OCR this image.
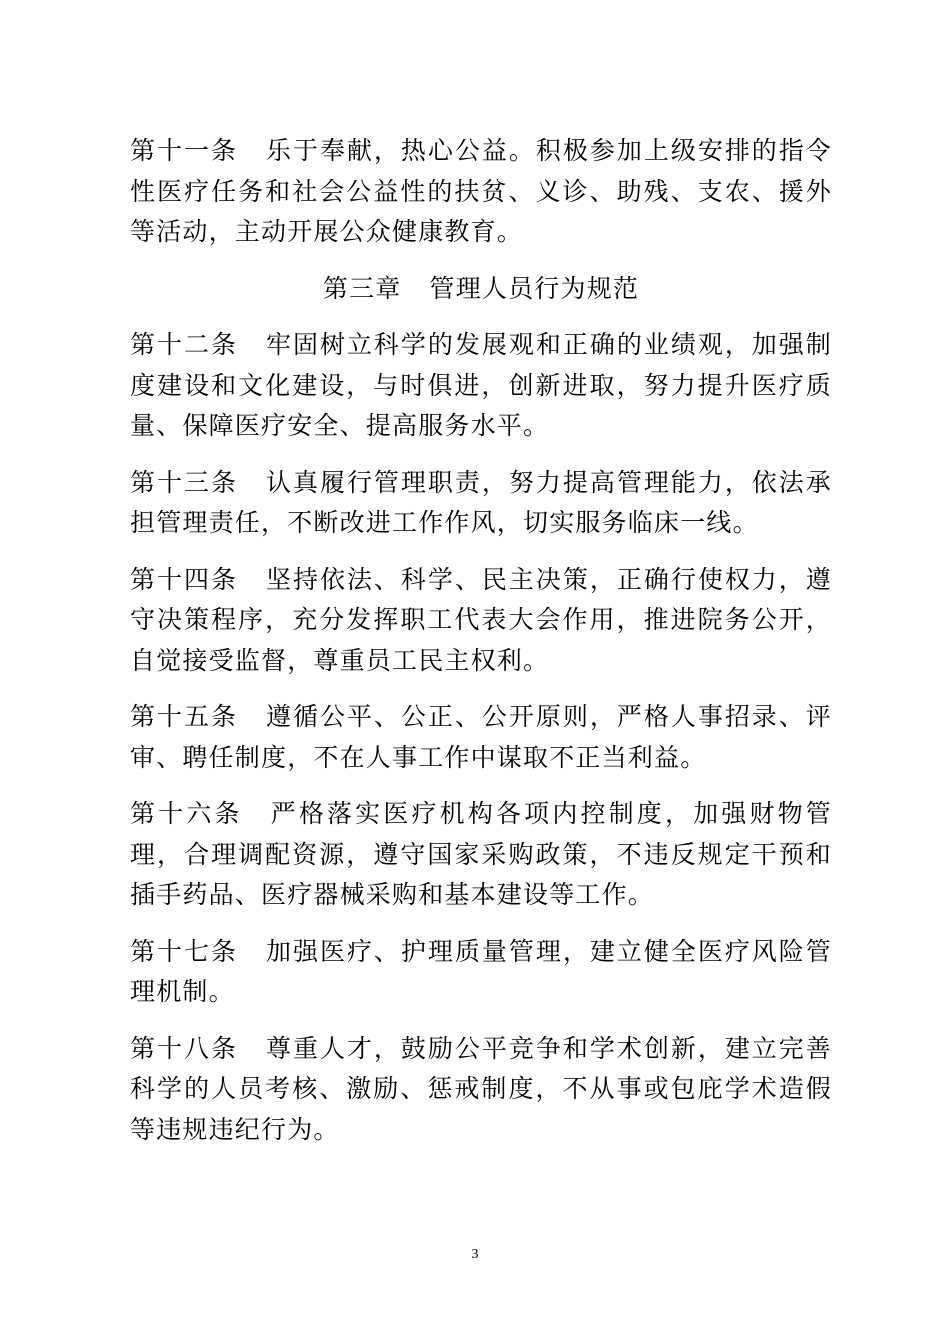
第十一条 乐于奉献，热心公益。积极参加上级安排的指令性医疗任务和社会公益性的扶贫、义诊、助残、支农、援外等活动，主动开展公众健康教育。

第三章 管理人员行为规范

第十二条 牢固树立科学的发展观和正确的业绩观，加强制度建设和文化建设，与时俱进，创新进取，努力提升医疗质量、保障医疗安全、提高服务水平。

第十三条 认真履行管理职责，努力提高管理能力，依法承担管理责任，不断改进工作作风，切实服务临床一线。

第十四条 坚持依法、科学、民主决策，正确行使权力，遵守决策程序，充分发挥职工代表大会作用，推进院务公开，自觉接受监督，尊重员工民主权利。

第十五条 遵循公平、公正、公开原则，严格人事招录、评审、聘任制度，不在人事工作中谋取不正当利益。

第十六条 严格落实医疗机构各项内控制度，加强财物管理，合理调配资源，遵守国家采购政策，不违反规定干预和插手药品、医疗器械采购和基本建设等工作。

第十七条 加强医疗、护理质量管理，建立健全医疗风险管理机制。

第十八条 尊重人才，鼓励公平竞争和学术创新，建立完善科学的人员考核、激励、惩戒制度，不从事或包庇学术造假等违规违纪行为。

3
